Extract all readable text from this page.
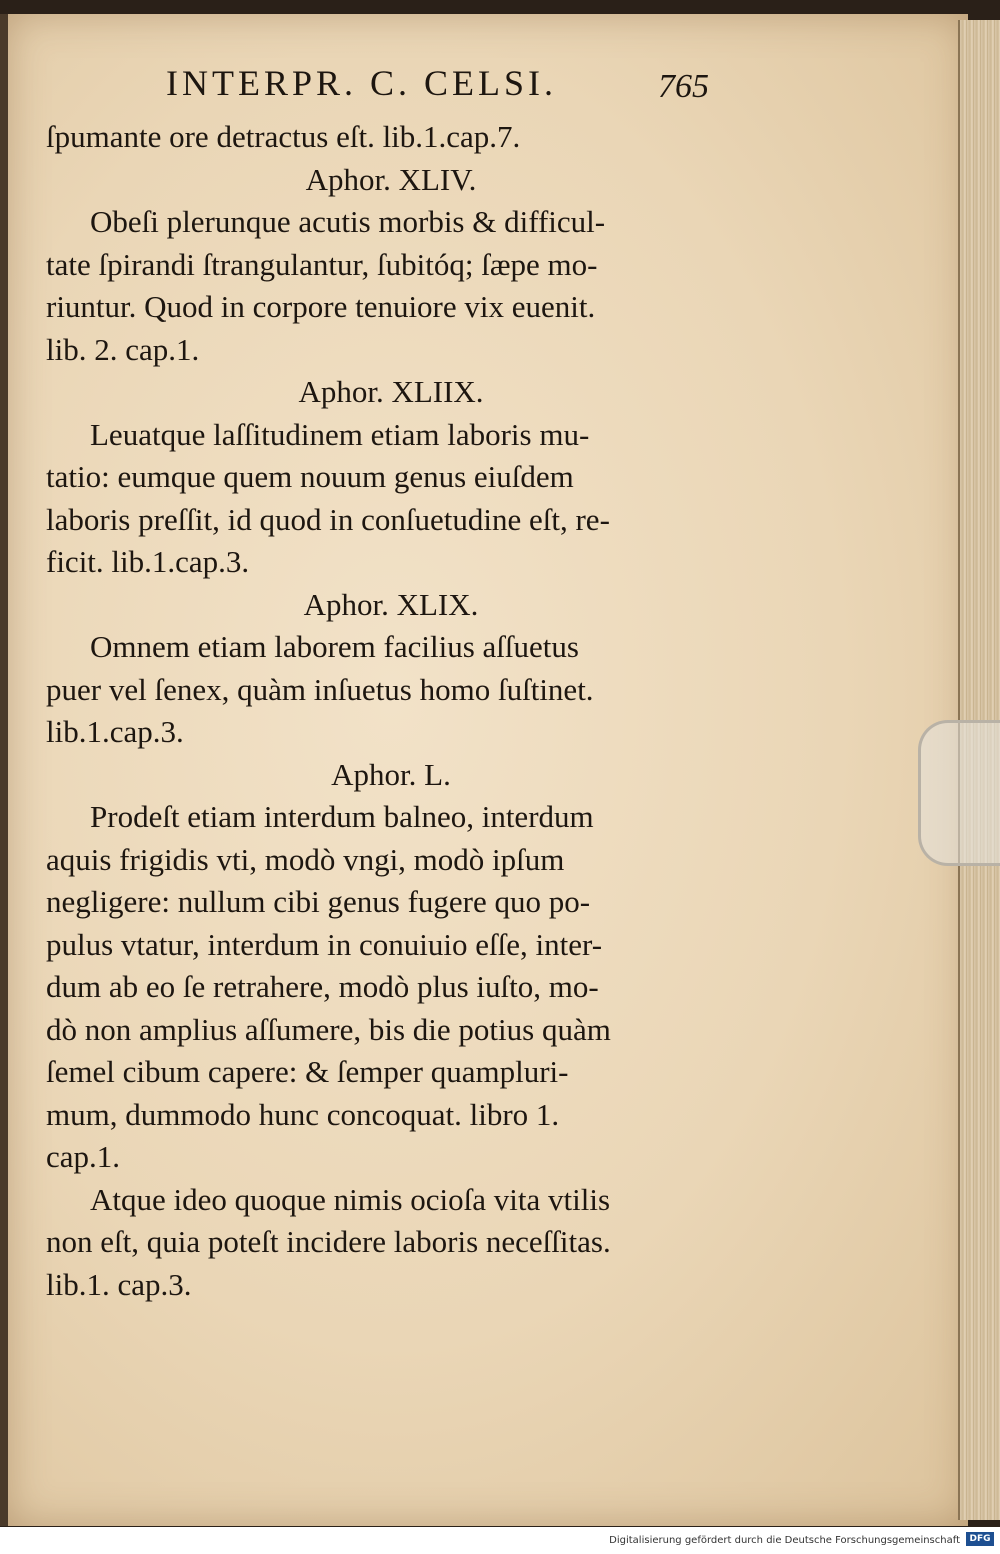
INTERPR. C. CELSI.	765
ſpumante ore detractus eſt. lib.1.cap.7.
Aphor. XLIV.
Obeſi plerunque acutis morbis & difficul-
tate ſpirandi ſtrangulantur, ſubitóq; ſæpe mo-
riuntur. Quod in corpore tenuiore vix euenit.
lib. 2. cap.1.
Aphor. XLIIX.
Leuatque laſſitudinem etiam laboris mu-
tatio: eumque quem nouum genus eiuſdem
laboris preſſit, id quod in conſuetudine eſt, re-
ficit. lib.1.cap.3.
Aphor. XLIX.
Omnem etiam laborem facilius aſſuetus
puer vel ſenex, quàm inſuetus homo ſuſtinet.
lib.1.cap.3.
Aphor. L.
Prodeſt etiam interdum balneo, interdum
aquis frigidis vti, modò vngi, modò ipſum
negligere: nullum cibi genus fugere quo po-
pulus vtatur, interdum in conuiuio eſſe, inter-
dum ab eo ſe retrahere, modò plus iuſto, mo-
dò non amplius aſſumere, bis die potius quàm
ſemel cibum capere: & ſemper quampluri-
mum, dummodo hunc concoquat. libro 1.
cap.1.
Atque ideo quoque nimis ocioſa vita vtilis
non eſt, quia poteſt incidere laboris neceſſitas.
lib.1. cap.3.
Digitalisierung gefördert durch die Deutsche Forschungsgemeinschaft	DFG
